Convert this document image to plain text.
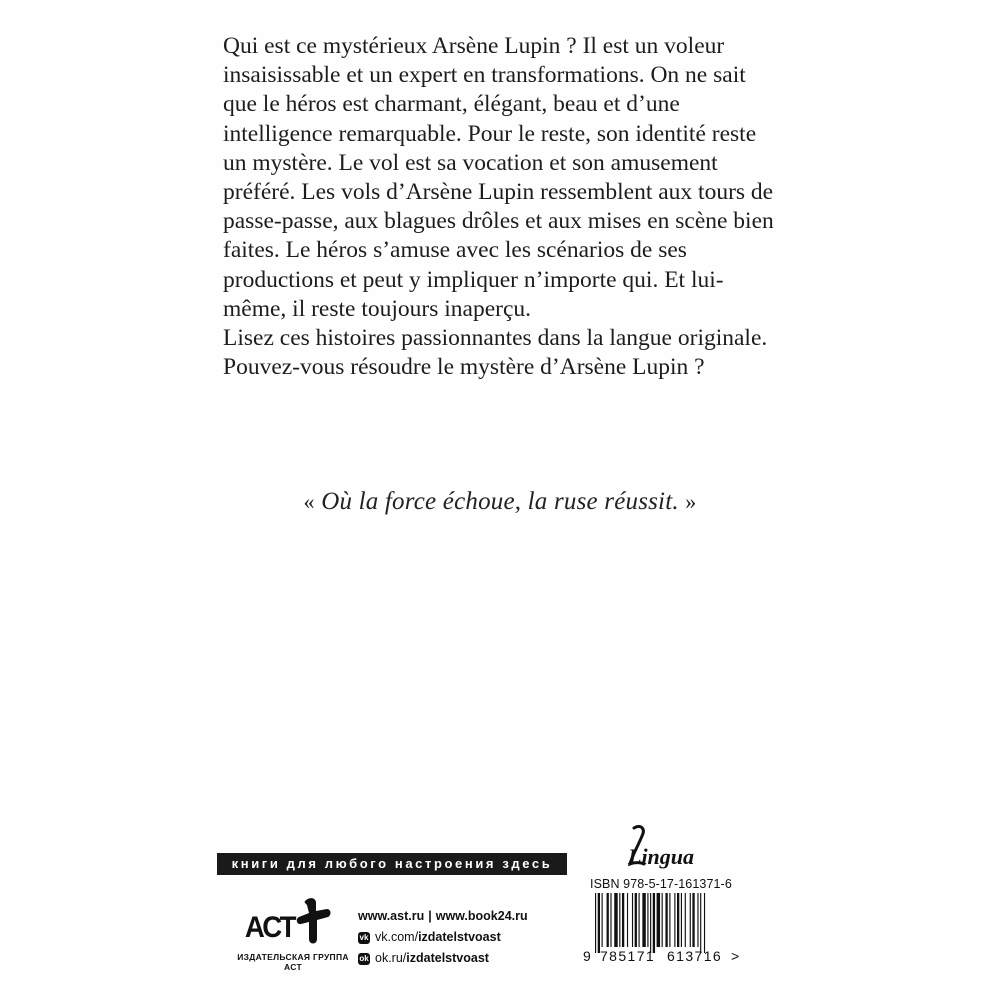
Qui est ce mystérieux Arsène Lupin ? Il est un voleur insaisissable et un expert en transformations. On ne sait que le héros est charmant, élégant, beau et d’une intelligence remarquable. Pour le reste, son identité reste un mystère. Le vol est sa vocation et son amusement préféré. Les vols d’Arsène Lupin ressemblent aux tours de passe-passe, aux blagues drôles et aux mises en scène bien faites. Le héros s’amuse avec les scénarios de ses productions et peut y impliquer n’importe qui. Et lui-même, il reste toujours inaperçu.

Lisez ces histoires passionnantes dans la langue originale. Pouvez-vous résoudre le mystère d’Arsène Lupin ?

« Où la force échoue, la ruse réussit. »
книги для любого настроения здесь
АСТ
ИЗДАТЕЛЬСКАЯ ГРУППА АСТ
www.ast.ru | www.book24.ru
vk vk.com/ izdatelstvoast
ok ok.ru/ izdatelstvoast
Lingua
ISBN 978-5-17-161371-6
9 785171 613716 >
